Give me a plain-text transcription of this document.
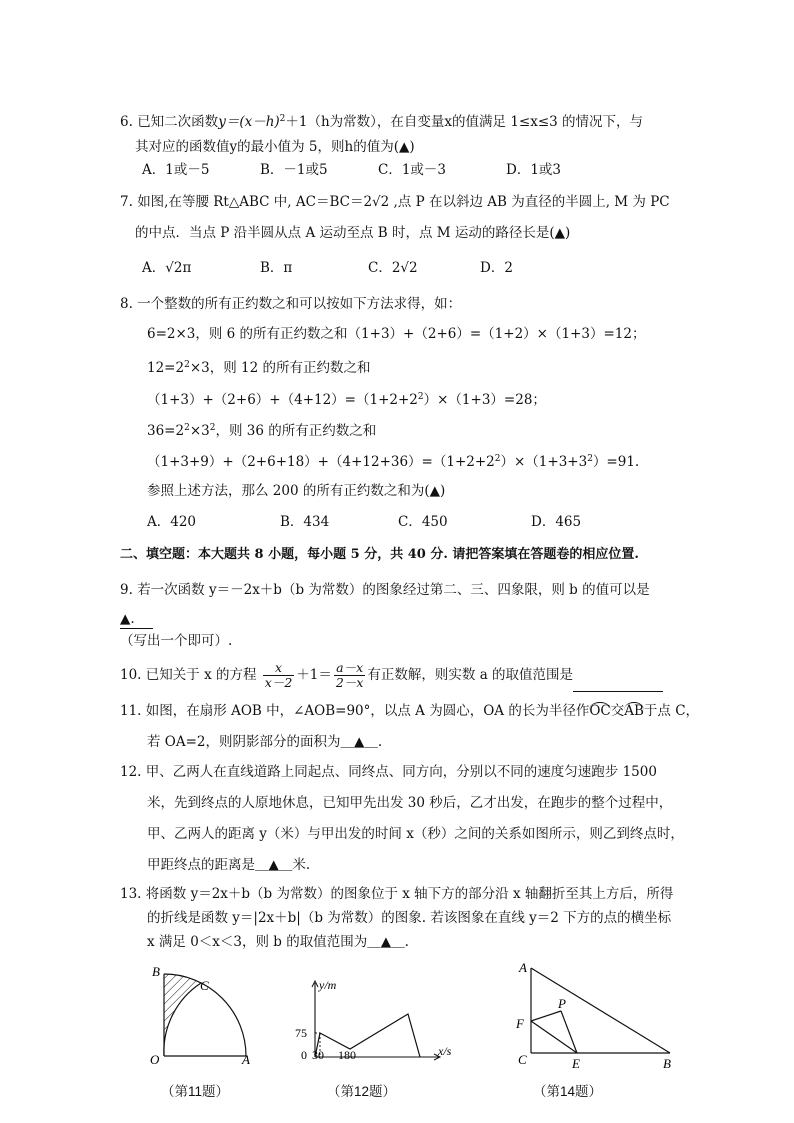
6. 已知二次函数$y=(x-h)^2+1(h$为常数），在自变量x的值满足 1≤x≤3 的情况下，与
其对应的函数值y的最小值为 5，则h的值为(▲)
A．1或－5	B．－1或5	C．1或－3	D．1或3
7. 如图,在等腰 Rt△ABC 中, AC＝BC＝2√2 ,点 P 在以斜边 AB 为直径的半圆上, M 为 PC
的中点．当点 P 沿半圆从点 A 运动至点 B 时，点 M 运动的路径长是(▲)
A．√2π	B．π	C．2√2	D．2
8. 一个整数的所有正约数之和可以按如下方法求得，如：
6=2×3，则 6 的所有正约数之和（1+3）+（2+6）=（1+2）×（1+3）=12；
$12=2^2\times 3$，则 12 的所有正约数之和
$(1+3)+(2+6)+(4+12)=(1+2+2^2)\times(1+3)=28$；
$36=2^2\times 3^2$，则 36 的所有正约数之和
$(1+3+9)+(2+6+18)+(4+12+36)=(1+2+2^2)\times(1+3+3^2)=91$.
参照上述方法，那么 200 的所有正约数之和为(▲)
A．420	B．434	C．450	D．465
二、填空题：本大题共 8 小题，每小题 5 分，共 40 分. 请把答案填在答题卷的相应位置.
9. 若一次函数 y＝－2x＋b（b 为常数）的图象经过第二、三、四象限，则 b 的值可以是
▲.
（写出一个即可）.
10. 已知关于 x 的方程 $\frac{x}{x-2} +1= \frac{a-x}{2-x}$ 有正数解，则实数 a 的取值范围是
11. 如图，在扇形 AOB 中，∠AOB=90°，以点 A 为圆心，OA 的长为半径作OC交AB于点 C，
若 OA=2，则阴影部分的面积为＿▲＿.
12. 甲、乙两人在直线道路上同起点、同终点、同方向，分别以不同的速度匀速跑步 1500
米，先到终点的人原地休息，已知甲先出发 30 秒后，乙才出发，在跑步的整个过程中，
甲、乙两人的距离 y（米）与甲出发的时间 x（秒）之间的关系如图所示，则乙到终点时，
甲距终点的距离是＿▲＿米.
13. 将函数 y＝2x＋b（b 为常数）的图象位于 x 轴下方的部分沿 x 轴翻折至其上方后，所得
的折线是函数 y＝|2x＋b|（b 为常数）的图象. 若该图象在直线 y＝2 下方的点的横坐标
x 满足 0＜x＜3，则 b 的取值范围为＿▲＿.
B
C
O	A
（第11题）
y/m
x/s
75
0 30 180
（第12题）
A
P
F
C	E	B
（第14题）
